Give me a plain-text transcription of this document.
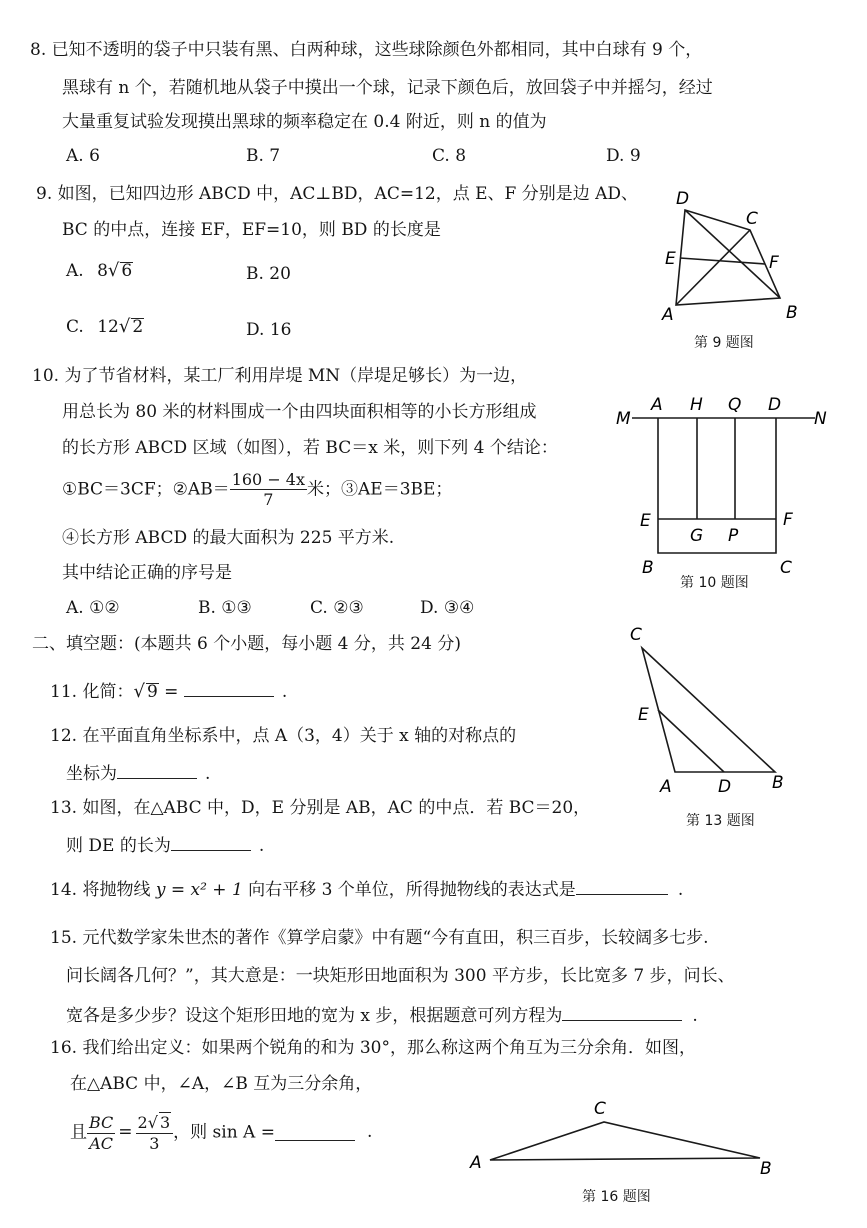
8. 已知不透明的袋子中只装有黑、白两种球，这些球除颜色外都相同，其中白球有 9 个，
黑球有 n 个，若随机地从袋子中摸出一个球，记录下颜色后，放回袋子中并摇匀，经过
大量重复试验发现摸出黑球的频率稳定在 0.4 附近，则 n 的值为
A. 6	B. 7	C. 8	D. 9
9. 如图，已知四边形 ABCD 中，AC⊥BD，AC=12，点 E、F 分别是边 AD、
BC 的中点，连接 EF，EF=10，则 BD 的长度是
A. 8√ 6	B. 20
C. 12√ 2	D. 16
D
C
E	F
A	B
第 9 题图
10. 为了节省材料，某工厂利用岸堤 MN（岸堤足够长）为一边，
用总长为 80 米的材料围成一个由四块面积相等的小长方形组成
的长方形 ABCD 区域（如图），若 BC＝x 米，则下列 4 个结论：
①BC＝3CF；②AB＝ $\frac{160 - 4x}{7}$ 米；③AE＝3BE；
④长方形 ABCD 的最大面积为 225 平方米.
其中结论正确的序号是
A. ①②	B. ①③	C. ②③	D. ③④
M
A H Q D
N
E
G P
F
B	C
第 10 题图
二、填空题：(本题共 6 个小题，每小题 4 分，共 24 分)
11. 化简：√ 9 =	.
12. 在平面直角坐标系中，点 A（3，4）关于 x 轴的对称点的
坐标为	.
13. 如图，在△ABC 中，D，E 分别是 AB，AC 的中点．若 BC＝20，
则 DE 的长为	.
C
E
A	D B
第 13 题图
14. 将抛物线 y = x² + 1 向右平移 3 个单位，所得抛物线的表达式是	.
15. 元代数学家朱世杰的著作《算学启蒙》中有题“今有直田，积三百步，长较阔多七步.
问长阔各几何？”，其大意是：一块矩形田地面积为 300 平方步，长比宽多 7 步，问长、
宽各是多少步？设这个矩形田地的宽为 x 步，根据题意可列方程为	.
16. 我们给出定义：如果两个锐角的和为 30°，那么称这两个角互为三分余角．如图，
在△ABC 中，∠A，∠B 互为三分余角，
且 $\frac{BC}{AC} = \frac{2√ 3}{3}$ ，则 sin A =	.
C
A	B
第 16 题图
